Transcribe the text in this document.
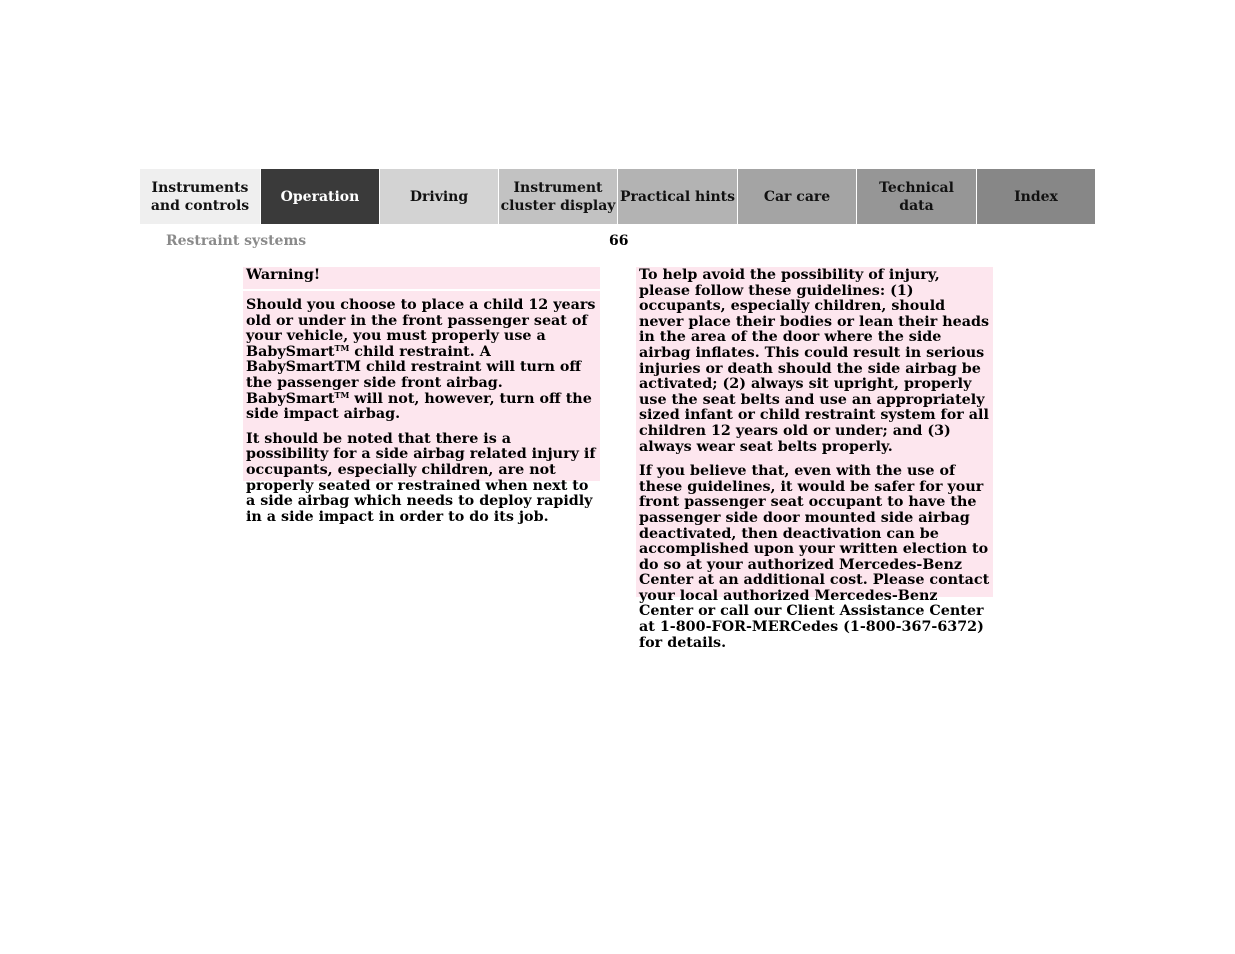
Instruments
and controls
Operation	Driving
Instrument
cluster display
Practical hints	Car care
Technical
data
Index
Restraint systems	66
Warning!

Should you choose to place a child 12 years old or under in the front passenger seat of your vehicle, you must properly use a BabySmart™ child restraint. A BabySmartTM child restraint will turn off the passenger side front airbag. BabySmart™ will not, however, turn off the side impact airbag.

It should be noted that there is a possibility for a side airbag related injury if occupants, especially children, are not properly seated or restrained when next to a side airbag which needs to deploy rapidly in a side impact in order to do its job.

To help avoid the possibility of injury, please follow these guidelines: (1) occupants, especially children, should never place their bodies or lean their heads in the area of the door where the side airbag inflates. This could result in serious injuries or death should the side airbag be activated; (2) always sit upright, properly use the seat belts and use an appropriately sized infant or child restraint system for all children 12 years old or under; and (3) always wear seat belts properly.

If you believe that, even with the use of these guidelines, it would be safer for your front passenger seat occupant to have the passenger side door mounted side airbag deactivated, then deactivation can be accomplished upon your written election to do so at your authorized Mercedes-Benz Center at an additional cost. Please contact your local authorized Mercedes-Benz Center or call our Client Assistance Center at 1-800-FOR-MERCedes (1-800-367-6372) for details.
